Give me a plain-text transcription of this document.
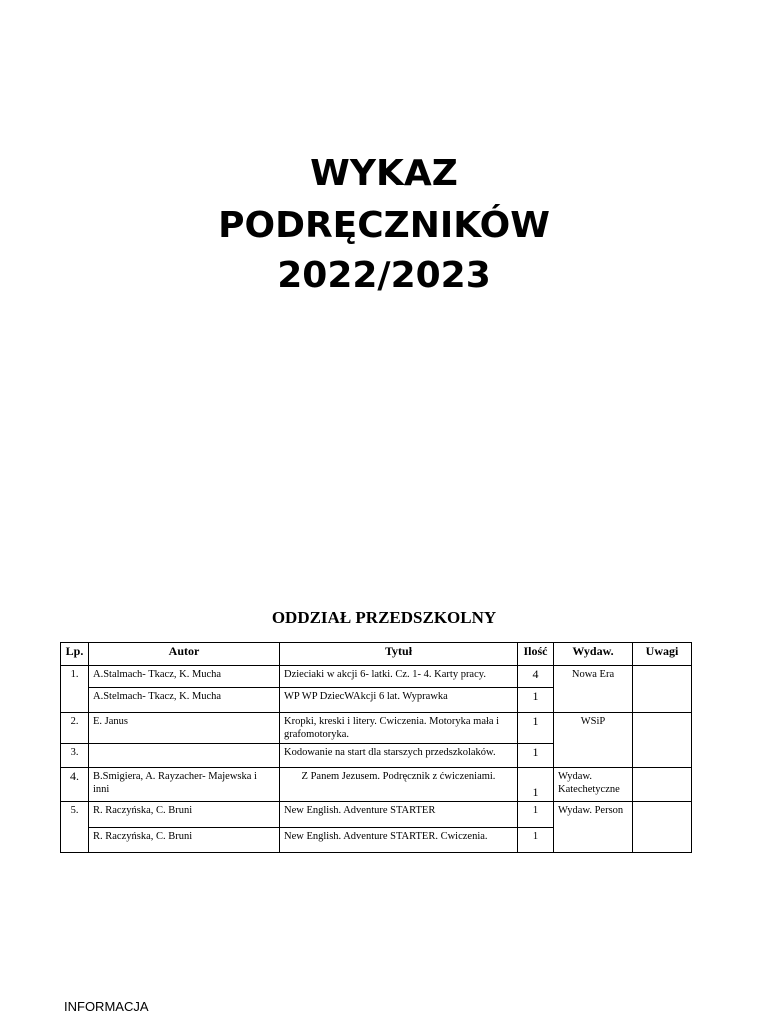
WYKAZ
PODRĘCZNIKÓW
2022/2023
ODDZIAŁ PRZEDSZKOLNY
Lp.	Autor	Tytuł	Ilość	Wydaw.	Uwagi
1.	A.Stalmach- Tkacz, K. Mucha	Dzieciaki w akcji 6- latki. Cz. 1- 4. Karty pracy.	4	Nowa Era	
	A.Stelmach- Tkacz, K. Mucha	WP WP DziecWAkcji 6 lat. Wyprawka	1		
2.	E. Janus	Kropki, kreski i litery. Cwiczenia. Motoryka mała i grafomotoryka.	1	WSiP	
3.		Kodowanie na start dla starszych przedszkolaków.	1		
4.	B.Smigiera, A. Rayzacher- Majewska i inni	Z Panem Jezusem. Podręcznik z ćwiczeniami.	1	Wydaw. Katechetyczne	
5.	R. Raczyńska, C. Bruni	New English. Adventure STARTER	1	Wydaw. Person	
	R. Raczyńska, C. Bruni	New English. Adventure STARTER. Cwiczenia.	1		
INFORMACJA
